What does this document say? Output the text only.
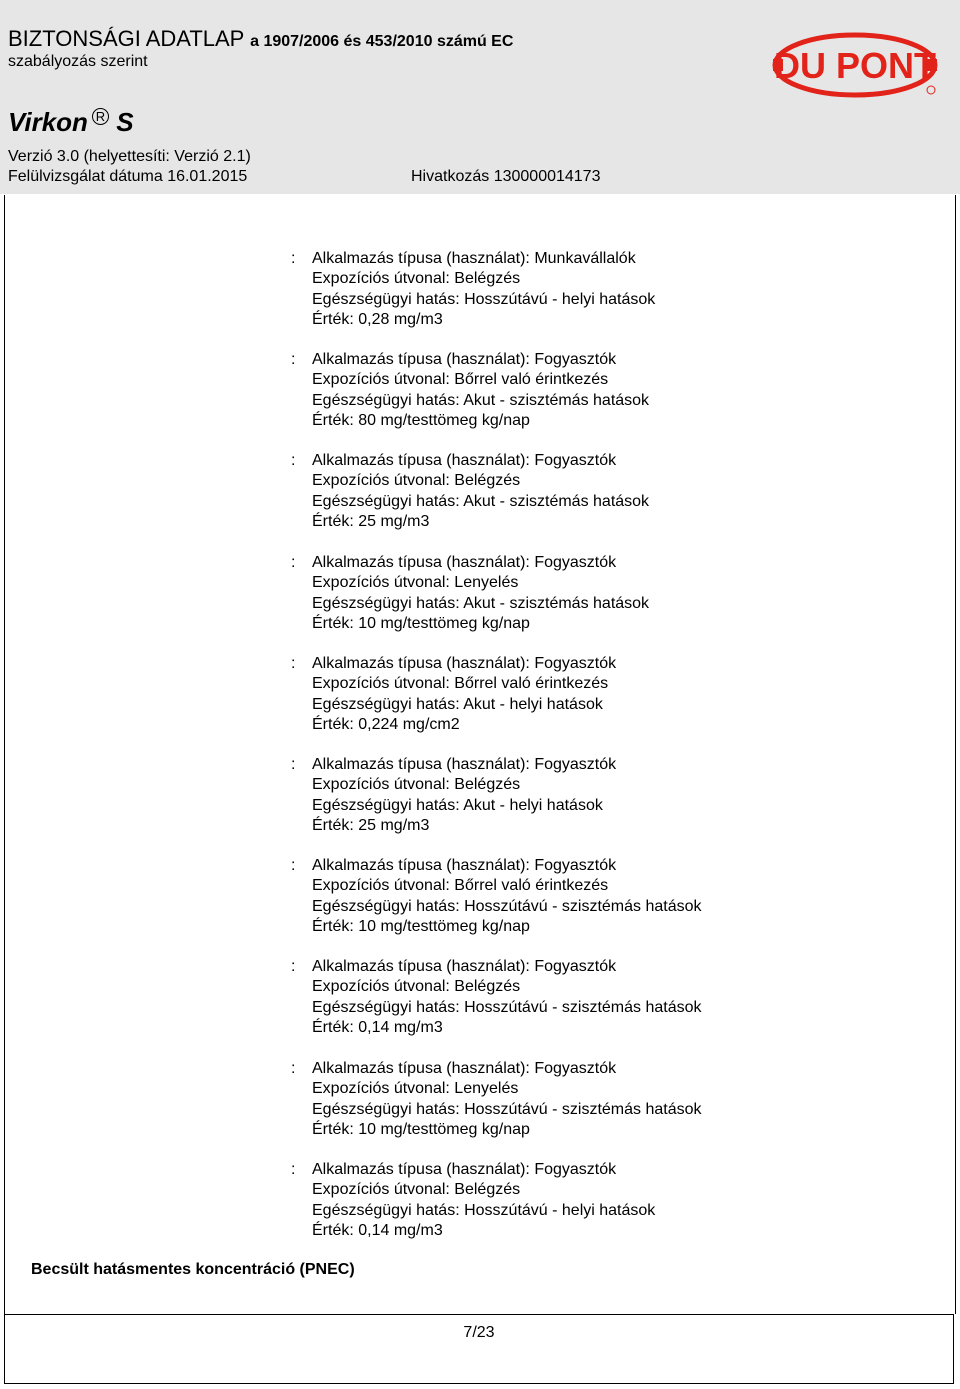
BIZTONSÁGI ADATLAP a 1907/2006 és 453/2010 számú EC
szabályozás szerint
Virkon R S
Verzió 3.0 (helyettesíti: Verzió 2.1)
Felülvizsgálat dátuma 16.01.2015	Hivatkozás 130000014173
DU PONT
: Alkalmazás típusa (használat): Munkavállalók
Expozíciós útvonal: Belégzés
Egészségügyi hatás: Hosszútávú - helyi hatások
Érték: 0,28 mg/m3
: Alkalmazás típusa (használat): Fogyasztók
Expozíciós útvonal: Bőrrel való érintkezés
Egészségügyi hatás: Akut - szisztémás hatások
Érték: 80 mg/testtömeg kg/nap
: Alkalmazás típusa (használat): Fogyasztók
Expozíciós útvonal: Belégzés
Egészségügyi hatás: Akut - szisztémás hatások
Érték: 25 mg/m3
: Alkalmazás típusa (használat): Fogyasztók
Expozíciós útvonal: Lenyelés
Egészségügyi hatás: Akut - szisztémás hatások
Érték: 10 mg/testtömeg kg/nap
: Alkalmazás típusa (használat): Fogyasztók
Expozíciós útvonal: Bőrrel való érintkezés
Egészségügyi hatás: Akut - helyi hatások
Érték: 0,224 mg/cm2
: Alkalmazás típusa (használat): Fogyasztók
Expozíciós útvonal: Belégzés
Egészségügyi hatás: Akut - helyi hatások
Érték: 25 mg/m3
: Alkalmazás típusa (használat): Fogyasztók
Expozíciós útvonal: Bőrrel való érintkezés
Egészségügyi hatás: Hosszútávú - szisztémás hatások
Érték: 10 mg/testtömeg kg/nap
: Alkalmazás típusa (használat): Fogyasztók
Expozíciós útvonal: Belégzés
Egészségügyi hatás: Hosszútávú - szisztémás hatások
Érték: 0,14 mg/m3
: Alkalmazás típusa (használat): Fogyasztók
Expozíciós útvonal: Lenyelés
Egészségügyi hatás: Hosszútávú - szisztémás hatások
Érték: 10 mg/testtömeg kg/nap
: Alkalmazás típusa (használat): Fogyasztók
Expozíciós útvonal: Belégzés
Egészségügyi hatás: Hosszútávú - helyi hatások
Érték: 0,14 mg/m3
Becsült hatásmentes koncentráció (PNEC)
7/23
